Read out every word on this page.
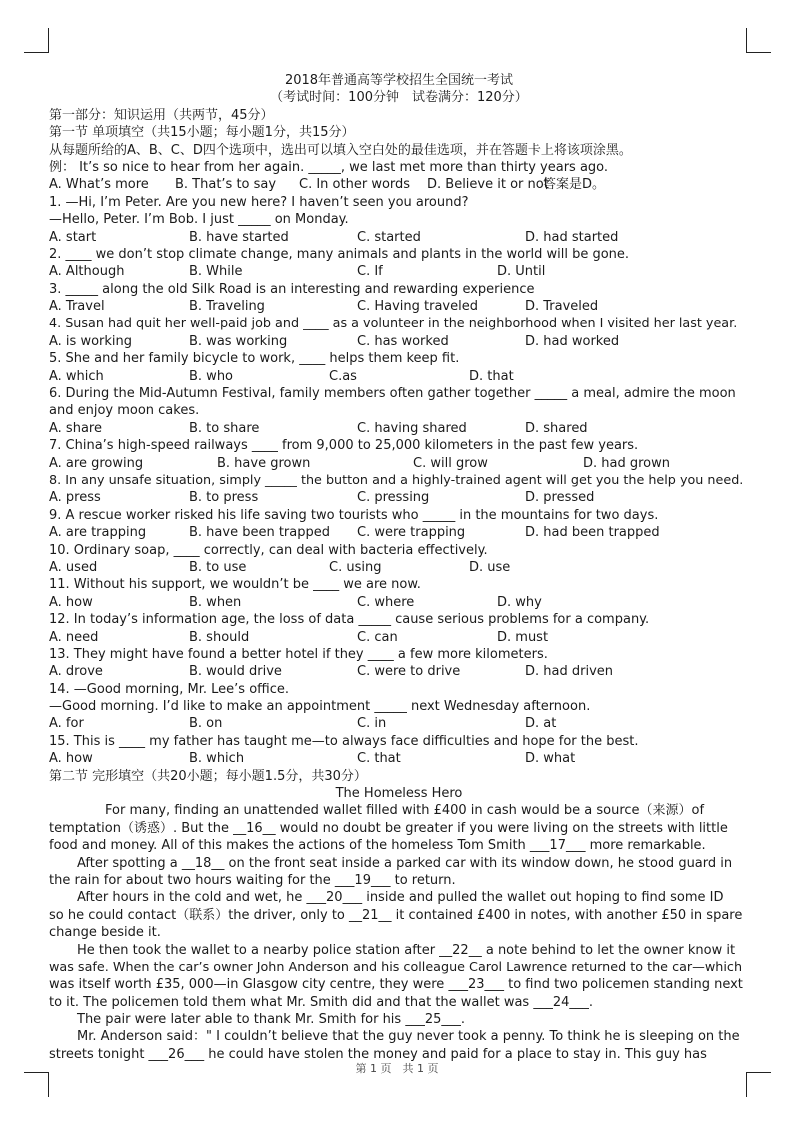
2018年普通高等学校招生全国统一考试
（考试时间：100分钟　试卷满分：120分）
第一部分：知识运用（共两节，45分）
第一节 单项填空（共15小题；每小题1分，共15分）
从每题所给的A、B、C、D四个选项中，选出可以填入空白处的最佳选项，并在答题卡上将该项涂黑。
例： It’s so nice to hear from her again. _____, we last met more than thirty years ago.
A. What’s more	B. That’s to say	C. In other words	D. Believe it or not
答案是D。
1. —Hi, I’m Peter. Are you new here? I haven’t seen you around?
—Hello, Peter. I’m Bob. I just _____ on Monday.
A. start	B. have started	C. started	D. had started
2. ____ we don’t stop climate change, many animals and plants in the world will be gone.
A. Although	B. While	C. If	D. Until
3. _____ along the old Silk Road is an interesting and rewarding experience
A. Travel	B. Traveling	C. Having traveled	D. Traveled
4. Susan had quit her well-paid job and ____ as a volunteer in the neighborhood when I visited her last year.
A. is working	B. was working	C. has worked	D. had worked
5. She and her family bicycle to work, ____ helps them keep fit.
A. which	B. who	C.as	D. that
6. During the Mid-Autumn Festival, family members often gather together _____ a meal, admire the moon
and enjoy moon cakes.
A. share	B. to share	C. having shared	D. shared
7. China’s high-speed railways ____ from 9,000 to 25,000 kilometers in the past few years.
A. are growing	B. have grown	C. will grow	D. had grown
8. In any unsafe situation, simply _____ the button and a highly-trained agent will get you the help you need.
A. press	B. to press	C. pressing	D. pressed
9. A rescue worker risked his life saving two tourists who _____ in the mountains for two days.
A. are trapping	B. have been trapped	C. were trapping	D. had been trapped
10. Ordinary soap, ____ correctly, can deal with bacteria effectively.
A. used	B. to use	C. using	D. use
11. Without his support, we wouldn’t be ____ we are now.
A. how	B. when	C. where	D. why
12. In today’s information age, the loss of data _____ cause serious problems for a company.
A. need	B. should	C. can	D. must
13. They might have found a better hotel if they ____ a few more kilometers.
A. drove	B. would drive	C. were to drive	D. had driven
14. —Good morning, Mr. Lee’s office.
—Good morning. I’d like to make an appointment _____ next Wednesday afternoon.
A. for	B. on	C. in	D. at
15. This is ____ my father has taught me—to always face difficulties and hope for the best.
A. how	B. which	C. that	D. what
第二节 完形填空（共20小题；每小题1.5分，共30分）
The Homeless Hero
For many, finding an unattended wallet filled with £400 in cash would be a source（来源）of
temptation（诱惑）. But the __16__ would no doubt be greater if you were living on the streets with little
food and money. All of this makes the actions of the homeless Tom Smith ___17___ more remarkable.
After spotting a __18__ on the front seat inside a parked car with its window down, he stood guard in
the rain for about two hours waiting for the ___19___ to return.
After hours in the cold and wet, he ___20___ inside and pulled the wallet out hoping to find some ID
so he could contact（联系）the driver, only to __21__ it contained £400 in notes, with another £50 in spare
change beside it.
He then took the wallet to a nearby police station after __22__ a note behind to let the owner know it
was safe. When the car’s owner John Anderson and his colleague Carol Lawrence returned to the car—which
was itself worth £35, 000—in Glasgow city centre, they were ___23___ to find two policemen standing next
to it. The policemen told them what Mr. Smith did and that the wallet was ___24___.
The pair were later able to thank Mr. Smith for his ___25___.
Mr. Anderson said：" I couldn’t believe that the guy never took a penny. To think he is sleeping on the
streets tonight ___26___ he could have stolen the money and paid for a place to stay in. This guy has
第 1 页　共 1 页
